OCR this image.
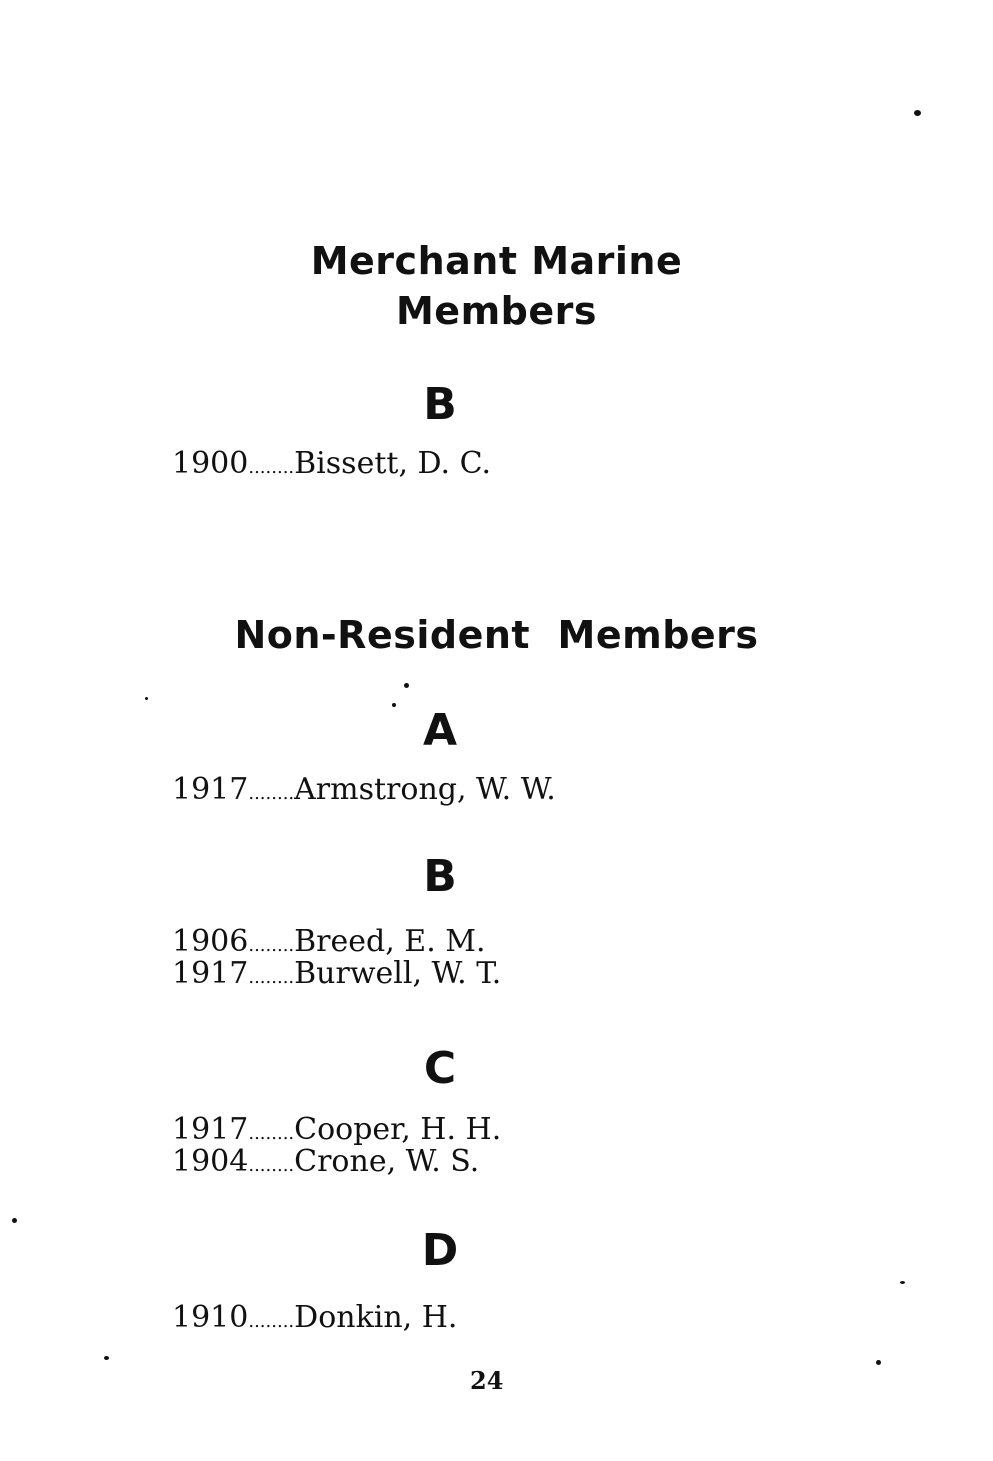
Merchant Marine
Members
B
1900........Bissett, D. C.
Non-Resident  Members
A
1917........Armstrong, W. W.
B
1906........Breed, E. M.
1917........Burwell, W. T.
C
1917........Cooper, H. H.
1904........Crone, W. S.
D
1910........Donkin, H.
24
